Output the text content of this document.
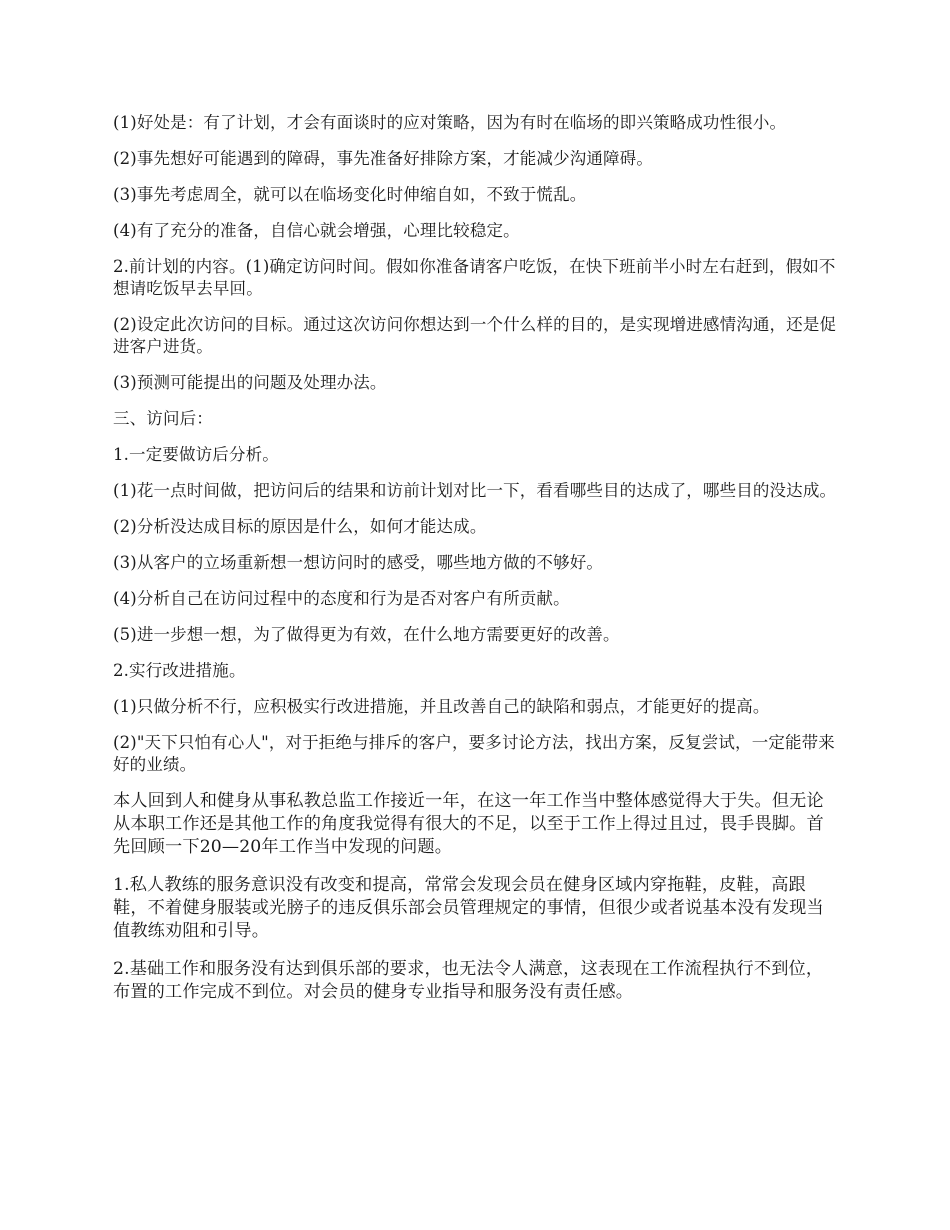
(1)好处是：有了计划，才会有面谈时的应对策略，因为有时在临场的即兴策略成功性很小。

(2)事先想好可能遇到的障碍，事先准备好排除方案，才能减少沟通障碍。

(3)事先考虑周全，就可以在临场变化时伸缩自如，不致于慌乱。

(4)有了充分的准备，自信心就会增强，心理比较稳定。

2.前计划的内容。(1)确定访问时间。假如你准备请客户吃饭，在快下班前半小时左右赶到，假如不想请吃饭早去早回。

(2)设定此次访问的目标。通过这次访问你想达到一个什么样的目的，是实现增进感情沟通，还是促进客户进货。

(3)预测可能提出的问题及处理办法。

三、访问后：

1.一定要做访后分析。

(1)花一点时间做，把访问后的结果和访前计划对比一下，看看哪些目的达成了，哪些目的没达成。

(2)分析没达成目标的原因是什么，如何才能达成。

(3)从客户的立场重新想一想访问时的感受，哪些地方做的不够好。

(4)分析自己在访问过程中的态度和行为是否对客户有所贡献。

(5)进一步想一想，为了做得更为有效，在什么地方需要更好的改善。

2.实行改进措施。

(1)只做分析不行，应积极实行改进措施，并且改善自己的缺陷和弱点，才能更好的提高。

(2)"天下只怕有心人"，对于拒绝与排斥的客户，要多讨论方法，找出方案，反复尝试，一定能带来好的业绩。

本人回到人和健身从事私教总监工作接近一年，在这一年工作当中整体感觉得大于失。但无论从本职工作还是其他工作的角度我觉得有很大的不足，以至于工作上得过且过，畏手畏脚。首先回顾一下20—20年工作当中发现的问题。

1.私人教练的服务意识没有改变和提高，常常会发现会员在健身区域内穿拖鞋，皮鞋，高跟鞋，不着健身服装或光膀子的违反俱乐部会员管理规定的事情，但很少或者说基本没有发现当值教练劝阻和引导。

2.基础工作和服务没有达到俱乐部的要求，也无法令人满意，这表现在工作流程执行不到位，布置的工作完成不到位。对会员的健身专业指导和服务没有责任感。
